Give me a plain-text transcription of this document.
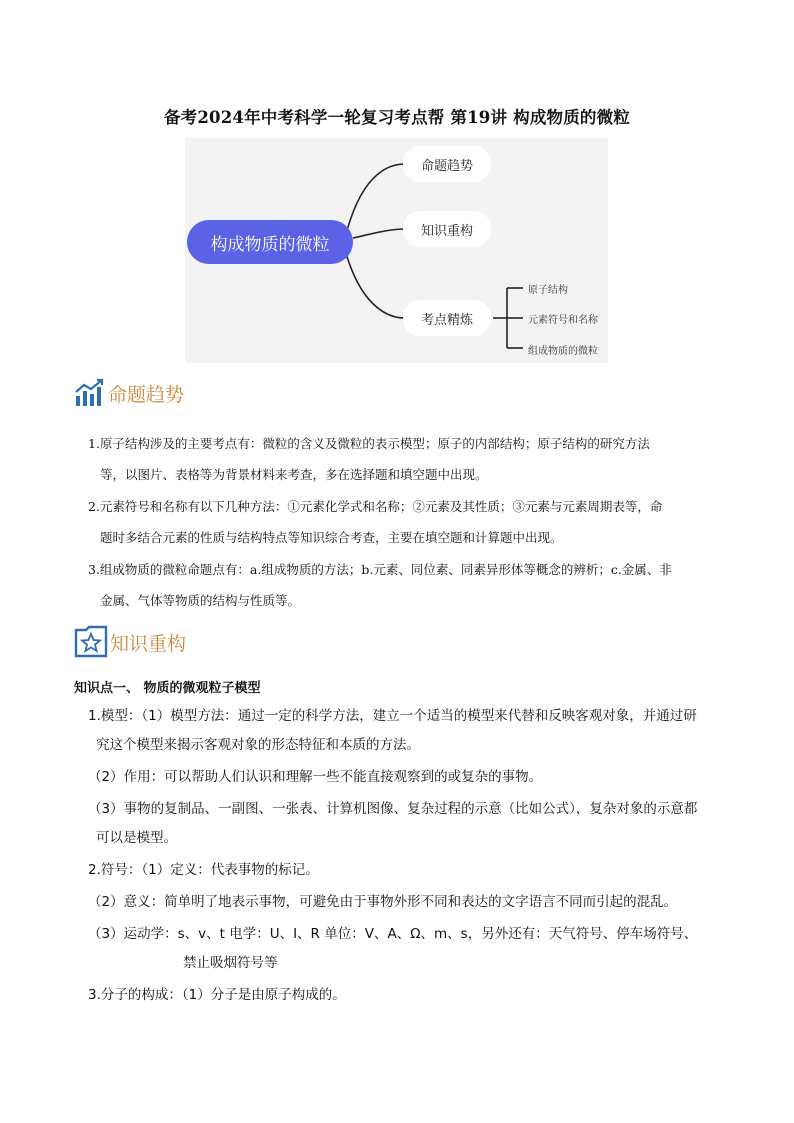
备考2024年中考科学一轮复习考点帮 第19讲 构成物质的微粒
构成物质的微粒
命题趋势
知识重构
考点精炼
原子结构
元素符号和名称
组成物质的微粒
命题趋势
1.原子结构涉及的主要考点有：微粒的含义及微粒的表示模型；原子的内部结构；原子结构的研究方法
等，以图片、表格等为背景材料来考查，多在选择题和填空题中出现。
2.元素符号和名称有以下几种方法：①元素化学式和名称；②元素及其性质；③元素与元素周期表等，命
题时多结合元素的性质与结构特点等知识综合考查，主要在填空题和计算题中出现。
3.组成物质的微粒命题点有：a.组成物质的方法；b.元素、同位素、同素异形体等概念的辨析；c.金属、非
金属、气体等物质的结构与性质等。
知识重构
知识点一、 物质的微观粒子模型
1.模型：（1）模型方法：通过一定的科学方法，建立一个适当的模型来代替和反映客观对象，并通过研
究这个模型来揭示客观对象的形态特征和本质的方法。
（2）作用：可以帮助人们认识和理解一些不能直接观察到的或复杂的事物。
（3）事物的复制品、一副图、一张表、计算机图像、复杂过程的示意（比如公式），复杂对象的示意都
可以是模型。
2.符号：（1）定义：代表事物的标记。
（2）意义：简单明了地表示事物，可避免由于事物外形不同和表达的文字语言不同而引起的混乱。
（3）运动学：s、v、t 电学：U、I、R 单位：V、A、Ω、m、s，另外还有：天气符号、停车场符号、
禁止吸烟符号等
3.分子的构成：（1）分子是由原子构成的。
